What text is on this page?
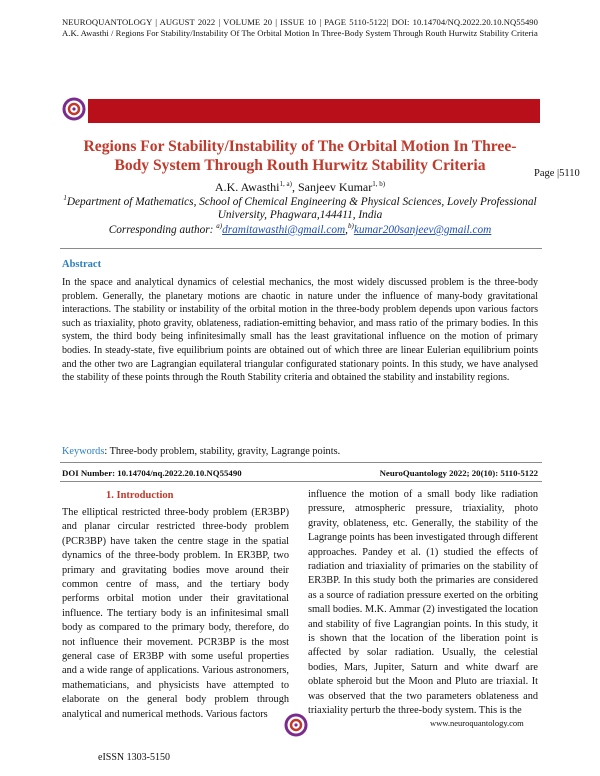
NEUROQUANTOLOGY | AUGUST 2022 | VOLUME 20 | ISSUE 10 | PAGE 5110-5122| DOI: 10.14704/NQ.2022.20.10.NQ55490 A.K. Awasthi / Regions For Stability/Instability Of The Orbital Motion In Three-Body System Through Routh Hurwitz Stability Criteria
Regions For Stability/Instability of The Orbital Motion In Three-Body System Through Routh Hurwitz Stability Criteria	Page |5110
A.K. Awasthi$^{1, a)}$, Sanjeev Kumar$^{1, b)}$
$^1$Department of Mathematics, School of Chemical Engineering & Physical Sciences, Lovely Professional University, Phagwara,144411, India
Corresponding author: $^{a)}$dramitawasthi@gmail.com,$^{b)}$kumar200sanjeev@gmail.com
Abstract
In the space and analytical dynamics of celestial mechanics, the most widely discussed problem is the three-body problem. Generally, the planetary motions are chaotic in nature under the influence of many-body gravitational interactions. The stability or instability of the orbital motion in the three-body problem depends upon various factors such as triaxiality, photo gravity, oblateness, radiation-emitting behavior, and mass ratio of the primary bodies. In this system, the third body being infinitesimally small has the least gravitational influence on the motion of primary bodies. In steady-state, five equilibrium points are obtained out of which three are linear Eulerian equilibrium points and the other two are Lagrangian equilateral triangular configurated stationary points. In this study, we have analysed the stability of these points through the Routh Stability criteria and obtained the stability and instability regions.
Keywords: Three-body problem, stability, gravity, Lagrange points.
DOI Number: 10.14704/nq.2022.20.10.NQ55490	NeuroQuantology 2022; 20(10): 5110-5122
1. Introduction
The elliptical restricted three-body problem (ER3BP) and planar circular restricted three-body problem (PCR3BP) have taken the centre stage in the spatial dynamics of the three-body problem. In ER3BP, two primary and gravitating bodies move around their common centre of mass, and the tertiary body performs orbital motion under their gravitational influence. The tertiary body is an infinitesimal small body as compared to the primary body, therefore, do not influence their movement. PCR3BP is the most general case of ER3BP with some useful properties and a wide range of applications. Various astronomers, mathematicians, and physicists have attempted to elaborate on the general body problem through analytical and numerical methods. Various factors
influence the motion of a small body like radiation pressure, atmospheric pressure, triaxiality, photo gravity, oblateness, etc. Generally, the stability of the Lagrange points has been investigated through different approaches. Pandey et al. (1) studied the effects of radiation and triaxiality of primaries on the stability of ER3BP. In this study both the primaries are considered as a source of radiation pressure exerted on the orbiting small bodies. M.K. Ammar (2) investigated the location and stability of five Lagrangian points. In this study, it is shown that the location of the liberation point is affected by solar radiation. Usually, the celestial bodies, Mars, Jupiter, Saturn and white dwarf are oblate spheroid but the Moon and Pluto are triaxial. It was observed that the two parameters oblateness and triaxiality perturb the three-body system. This is the
www.neuroquantology.com
eISSN 1303-5150
